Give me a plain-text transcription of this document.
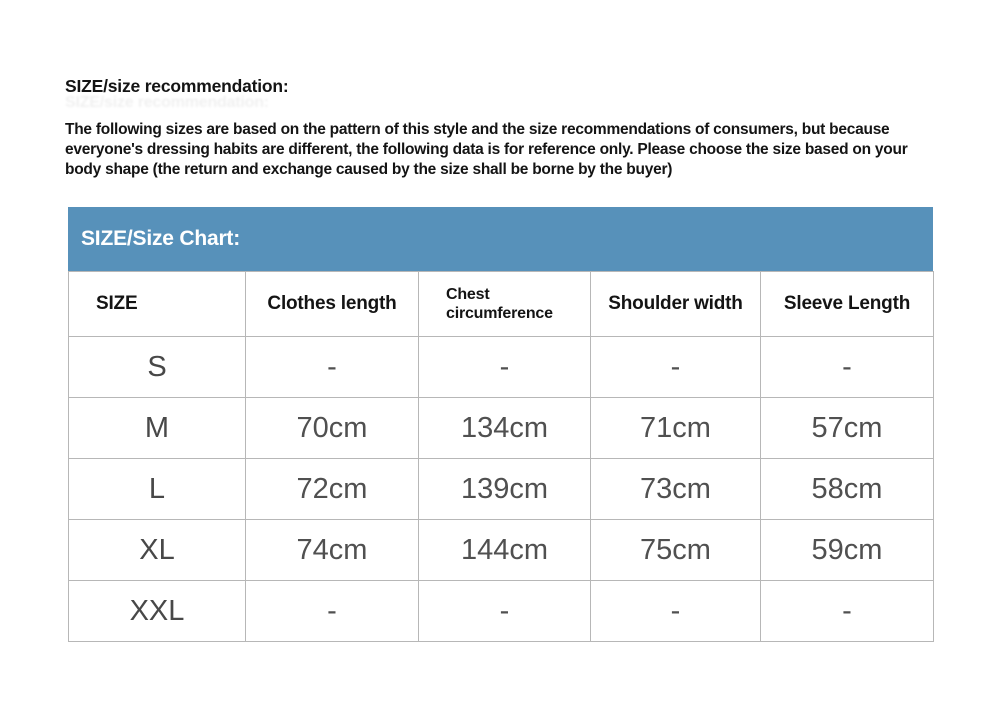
SIZE/size recommendation:
SIZE/size recommendation:
The following sizes are based on the pattern of this style and the size recommendations of consumers, but because everyone's dressing habits are different, the following data is for reference only. Please choose the size based on your body shape (the return and exchange caused by the size shall be borne by the buyer)
SIZE/Size Chart:
SIZE	Clothes length	Chest circumference	Shoulder width	Sleeve Length
S	-	-	-	-
M	70cm	134cm	71cm	57cm
L	72cm	139cm	73cm	58cm
XL	74cm	144cm	75cm	59cm
XXL	-	-	-	-
